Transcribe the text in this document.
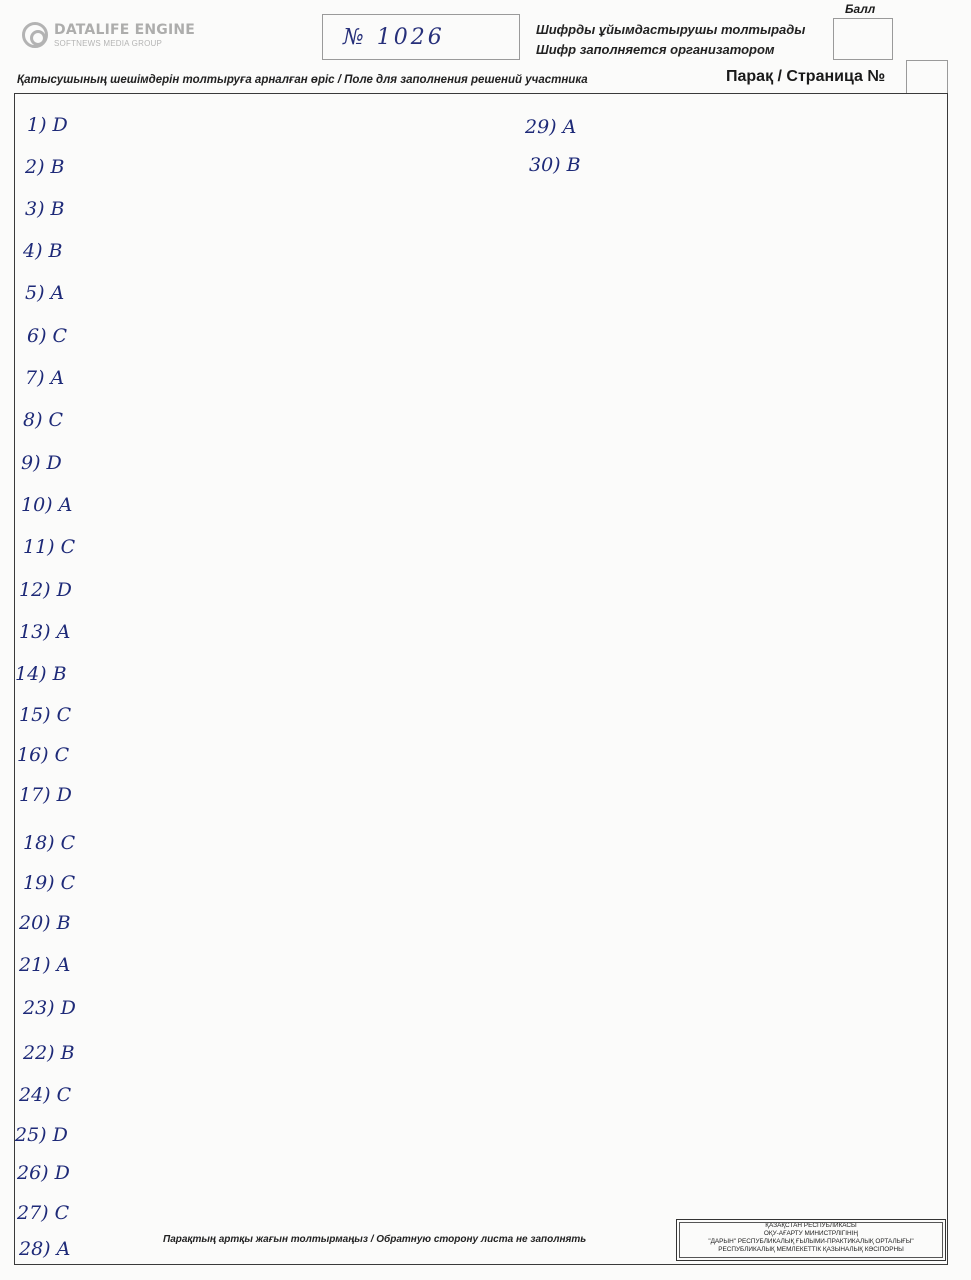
DATALIFE ENGINE
SOFTNEWS MEDIA GROUP	№ 1026	Шифрды ұйымдастырушы толтырады
Шифр заполняется организатором
Балл
Қатысушының шешімдерін толтыруға арналған өріс / Поле для заполнения решений участника	Парақ / Страница №
1) D
2) B
3) B
4) B
5) A
6) C
7) A
8) C
9) D
10) A
11) C
12) D
13) A
14) B
15) C
16) C
17) D
18) C
19) C
20) B
21) A
23) D
22) B
24) C
25) D
26) D
27) C
28) A
29) A
30) B
Парақтың артқы жағын толтырмаңыз / Обратную сторону листа не заполнять
ҚАЗАҚСТАН РЕСПУБЛИКАСЫ
ОҚУ-АҒАРТУ МИНИСТРЛІГІНІҢ
"ДАРЫН" РЕСПУБЛИКАЛЫҚ ҒЫЛЫМИ-ПРАКТИКАЛЫҚ ОРТАЛЫҒЫ"
РЕСПУБЛИКАЛЫҚ МЕМЛЕКЕТТІК ҚАЗЫНАЛЫҚ КӘСІПОРНЫ
